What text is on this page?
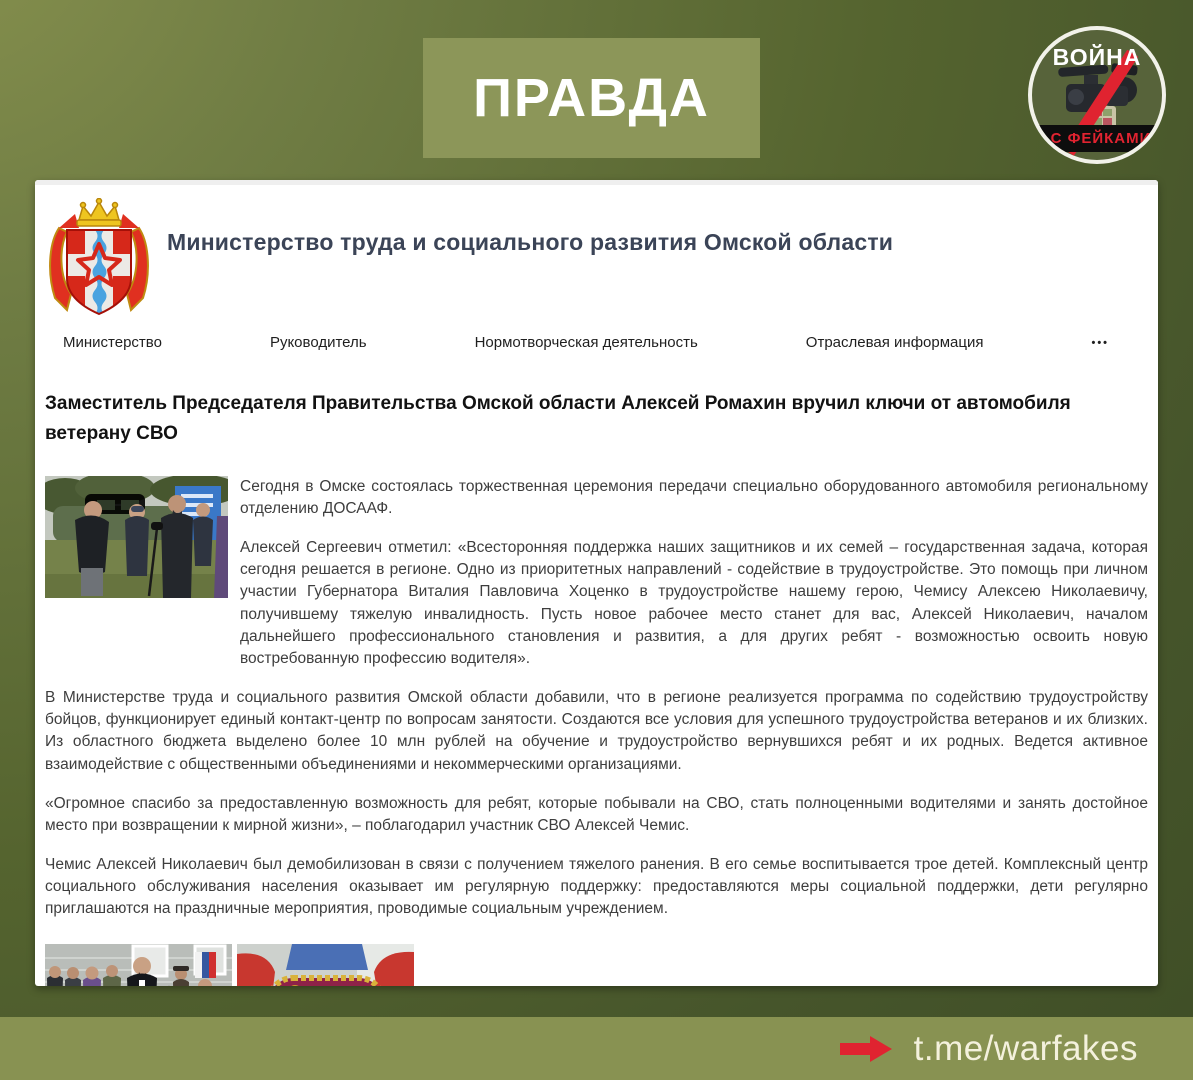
ПРАВДА
ВОЙНА
С ФЕЙКАМИ
Министерство труда и социального развития Омской области
Министерство	Руководитель	Нормотворческая деятельность	Отраслевая информация	•••
Заместитель Председателя Правительства Омской области Алексей Ромахин вручил ключи от автомобиля ветерану СВО

Сегодня в Омске состоялась торжественная церемония передачи специально оборудованного автомобиля региональному отделению ДОСААФ.

Алексей Сергеевич отметил: «Всесторонняя поддержка наших защитников и их семей – государственная задача, которая сегодня решается в регионе. Одно из приоритетных направлений - содействие в трудоустройстве. Это помощь при личном участии Губернатора Виталия Павловича Хоценко в трудоустройстве нашему герою, Чемису Алексею Николаевичу, получившему тяжелую инвалидность. Пусть новое рабочее место станет для вас, Алексей Николаевич, началом дальнейшего профессионального становления и развития, а для других ребят - возможностью освоить новую востребованную профессию водителя».

В Министерстве труда и социального развития Омской области добавили, что в регионе реализуется программа по содействию трудоустройству бойцов, функционирует единый контакт-центр по вопросам занятости. Создаются все условия для успешного трудоустройства ветеранов и их близких. Из областного бюджета выделено более 10 млн рублей на обучение и трудоустройство вернувшихся ребят и их родных. Ведется активное взаимодействие с общественными объединениями и некоммерческими организациями.

«Огромное спасибо за предоставленную возможность для ребят, которые побывали на СВО, стать полноценными водителями и занять достойное место при возвращении к мирной жизни», – поблагодарил участник СВО Алексей Чемис.

Чемис Алексей Николаевич был демобилизован в связи с получением тяжелого ранения. В его семье воспитывается трое детей. Комплексный центр социального обслуживания населения оказывает им регулярную поддержку: предоставляются меры социальной поддержки, дети регулярно приглашаются на праздничные мероприятия, проводимые социальным учреждением.

t.me/warfakes
